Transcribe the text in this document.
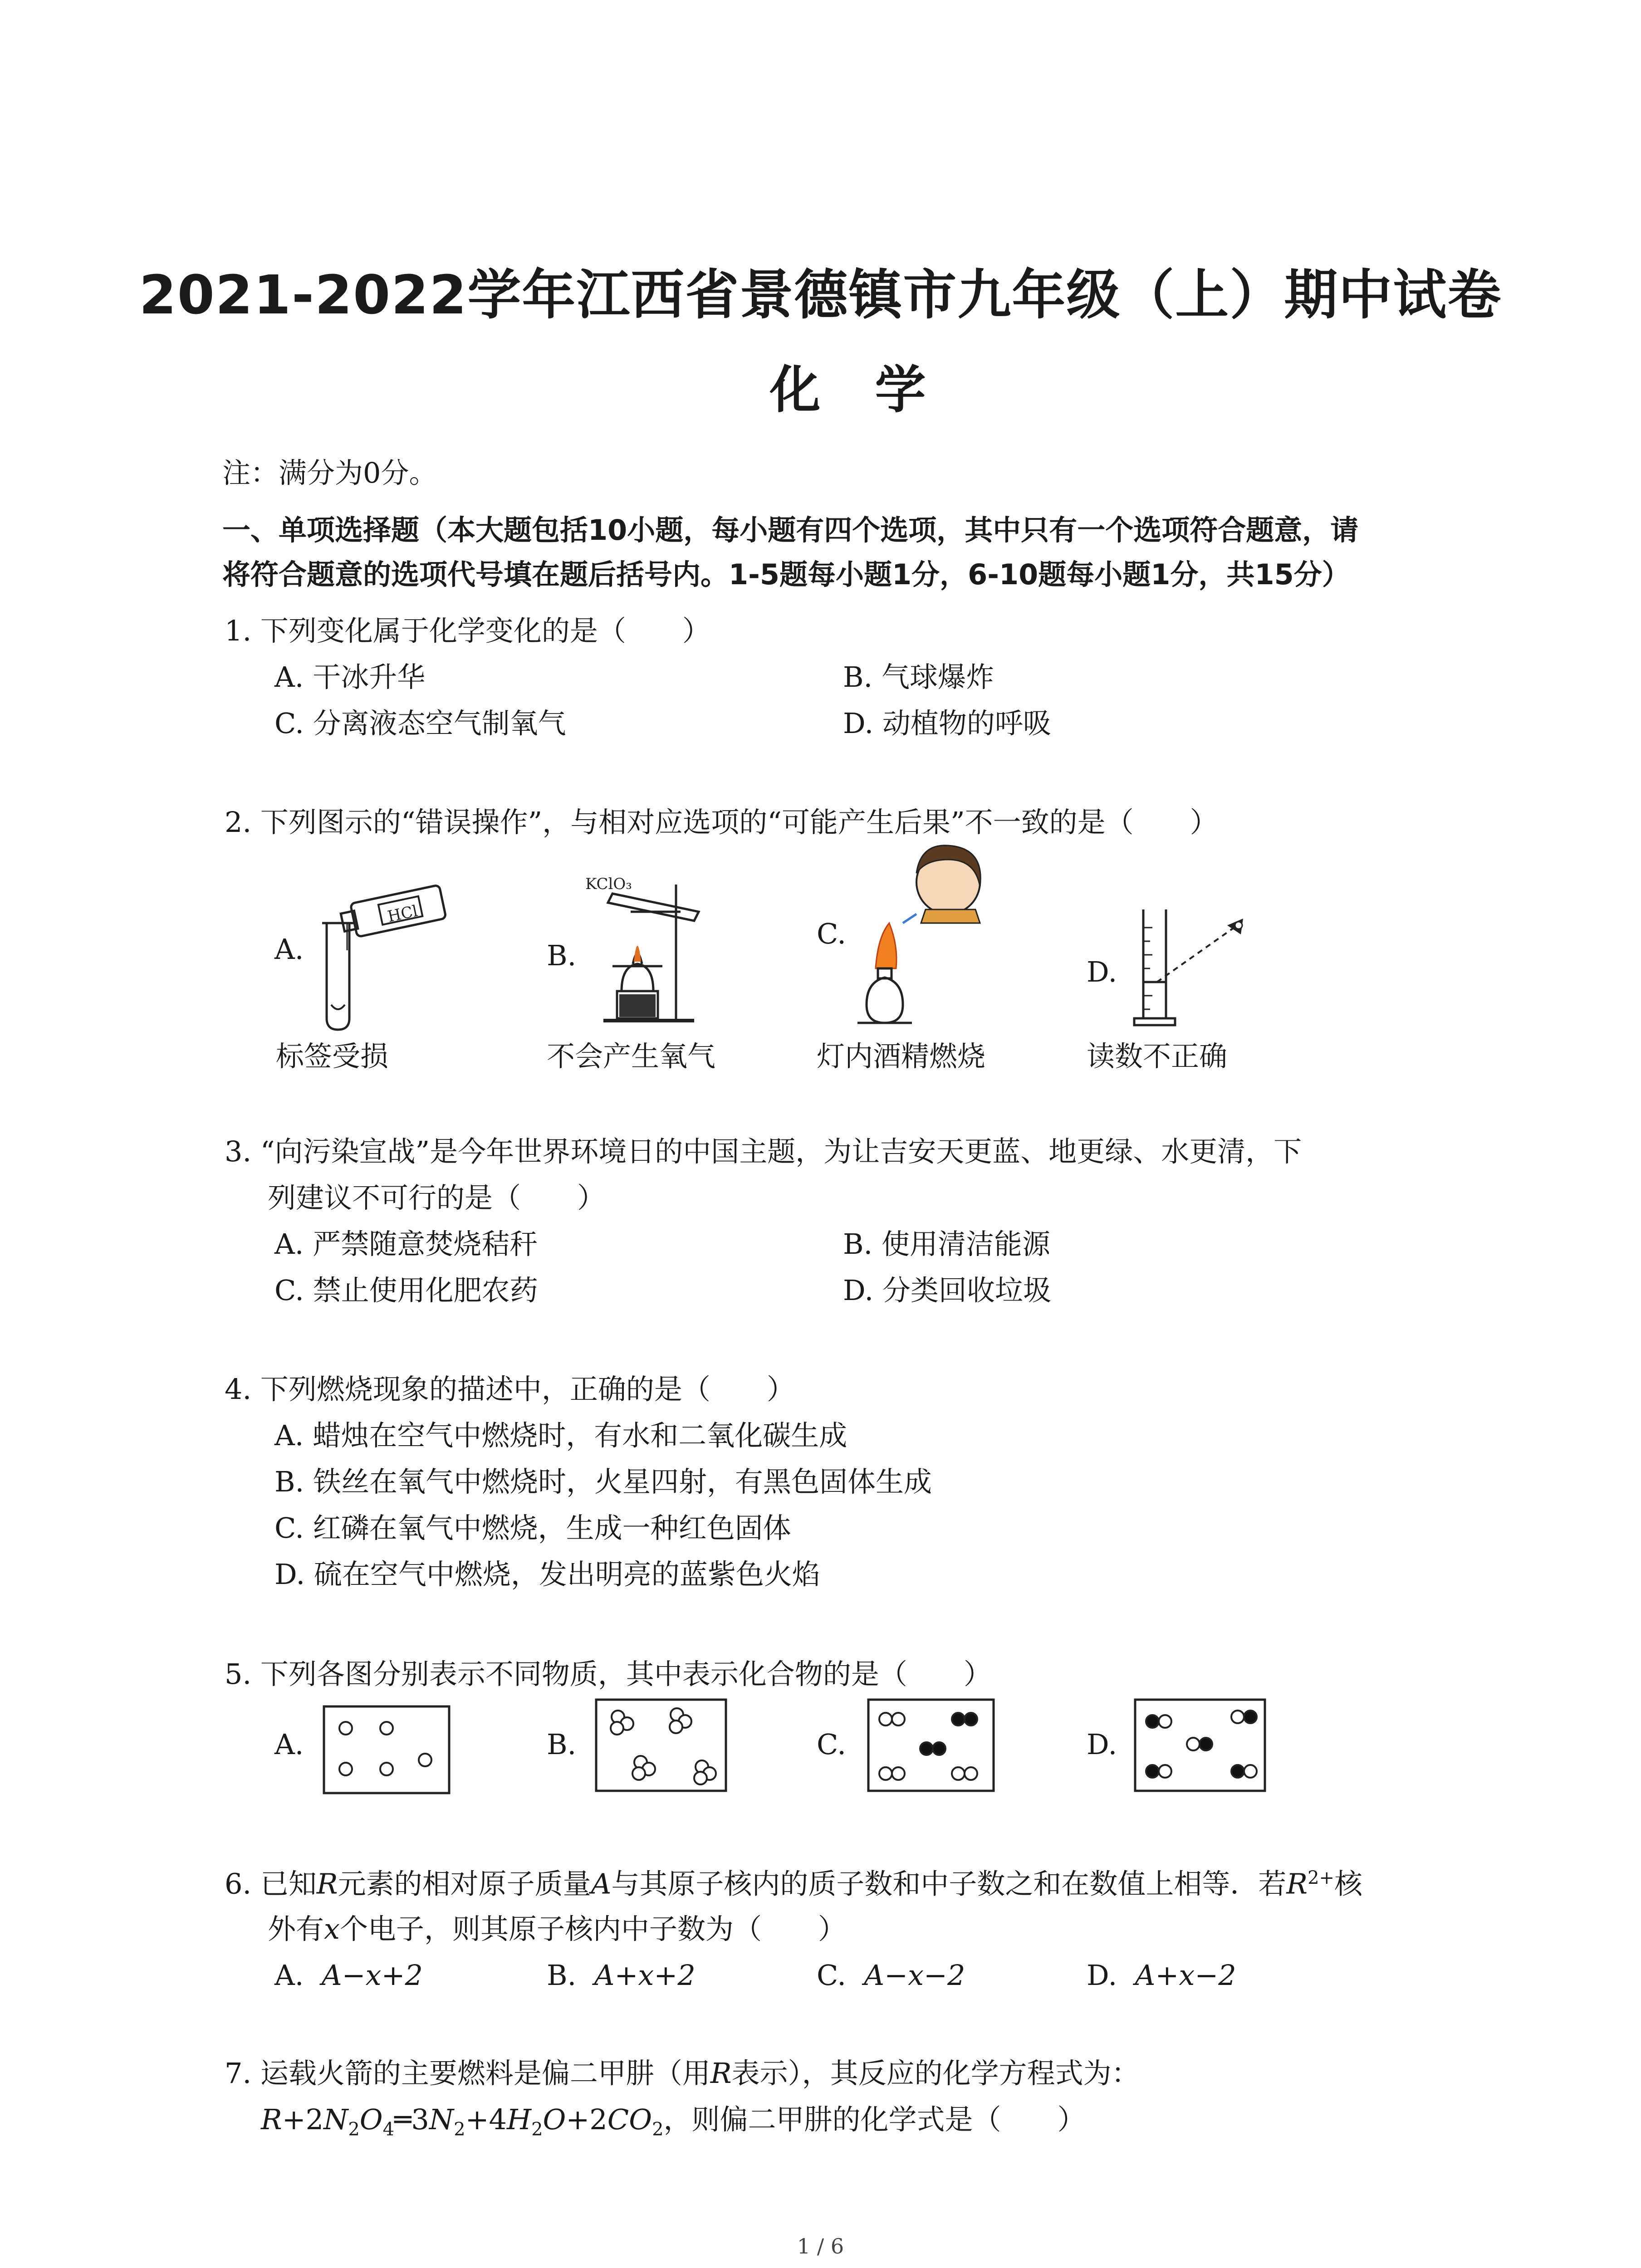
2021-2022学年江西省景德镇市九年级（上）期中试卷
化学
注：满分为0分。
一、单项选择题（本大题包括10小题，每小题有四个选项，其中只有一个选项符合题意，请
将符合题意的选项代号填在题后括号内。1-5题每小题1分，6-10题每小题1分，共15分）
1. 下列变化属于化学变化的是（　　）
A. 干冰升华	B. 气球爆炸
C. 分离液态空气制氧气	D. 动植物的呼吸
2. 下列图示的“错误操作”，与相对应选项的“可能产生后果”不一致的是（　　）
A.	B.
C.
D.
HCl
KClO₃
标签受损	不会产生氧气	灯内酒精燃烧	读数不正确
3. “向污染宣战”是今年世界环境日的中国主题，为让吉安天更蓝、地更绿、水更清，下
列建议不可行的是（　　）
A. 严禁随意焚烧秸秆	B. 使用清洁能源
C. 禁止使用化肥农药	D. 分类回收垃圾
4. 下列燃烧现象的描述中，正确的是（　　）
A. 蜡烛在空气中燃烧时，有水和二氧化碳生成
B. 铁丝在氧气中燃烧时，火星四射，有黑色固体生成
C. 红磷在氧气中燃烧，生成一种红色固体
D. 硫在空气中燃烧，发出明亮的蓝紫色火焰
5. 下列各图分别表示不同物质，其中表示化合物的是（　　）
A.	B.	C.	D.
6. 已知R元素的相对原子质量A与其原子核内的质子数和中子数之和在数值上相等．若$R^{2+}$核
外有x个电子，则其原子核内中子数为（　　）
A. A−x+2	B. A+x+2	C. A−x−2	D. A+x−2
7. 运载火箭的主要燃料是偏二甲肼（用R表示），其反应的化学方程式为：
$R+2N_2O_4═3N_2+4H_2O+2CO_2$，则偏二甲肼的化学式是（　　）
1 / 6
